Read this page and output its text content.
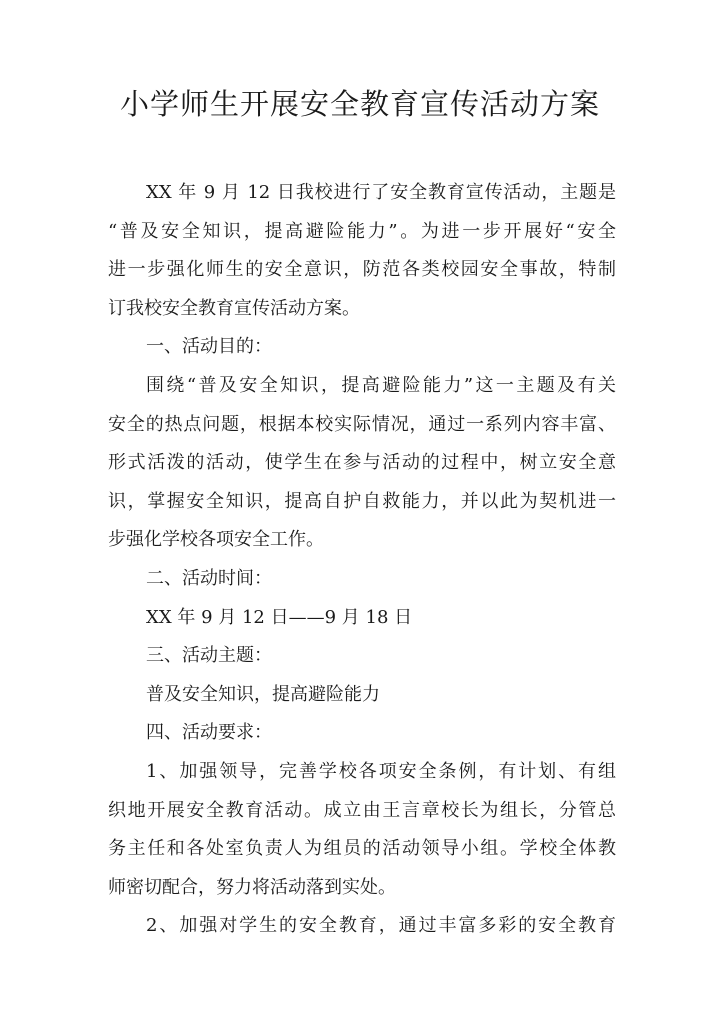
小学师生开展安全教育宣传活动方案
XX 年 9 月 12 日我校进行了安全教育宣传活动，主题是
“普及安全知识，提高避险能力”。为进一步开展好“安全
进一步强化师生的安全意识，防范各类校园安全事故，特制
订我校安全教育宣传活动方案。
一、活动目的：
围绕“普及安全知识，提高避险能力”这一主题及有关
安全的热点问题，根据本校实际情况，通过一系列内容丰富、
形式活泼的活动，使学生在参与活动的过程中，树立安全意
识，掌握安全知识，提高自护自救能力，并以此为契机进一
步强化学校各项安全工作。
二、活动时间：
XX 年 9 月 12 日——9 月 18 日
三、活动主题：
普及安全知识，提高避险能力
四、活动要求：
1、加强领导，完善学校各项安全条例，有计划、有组
织地开展安全教育活动。成立由王言章校长为组长，分管总
务主任和各处室负责人为组员的活动领导小组。学校全体教
师密切配合，努力将活动落到实处。
2、加强对学生的安全教育，通过丰富多彩的安全教育
